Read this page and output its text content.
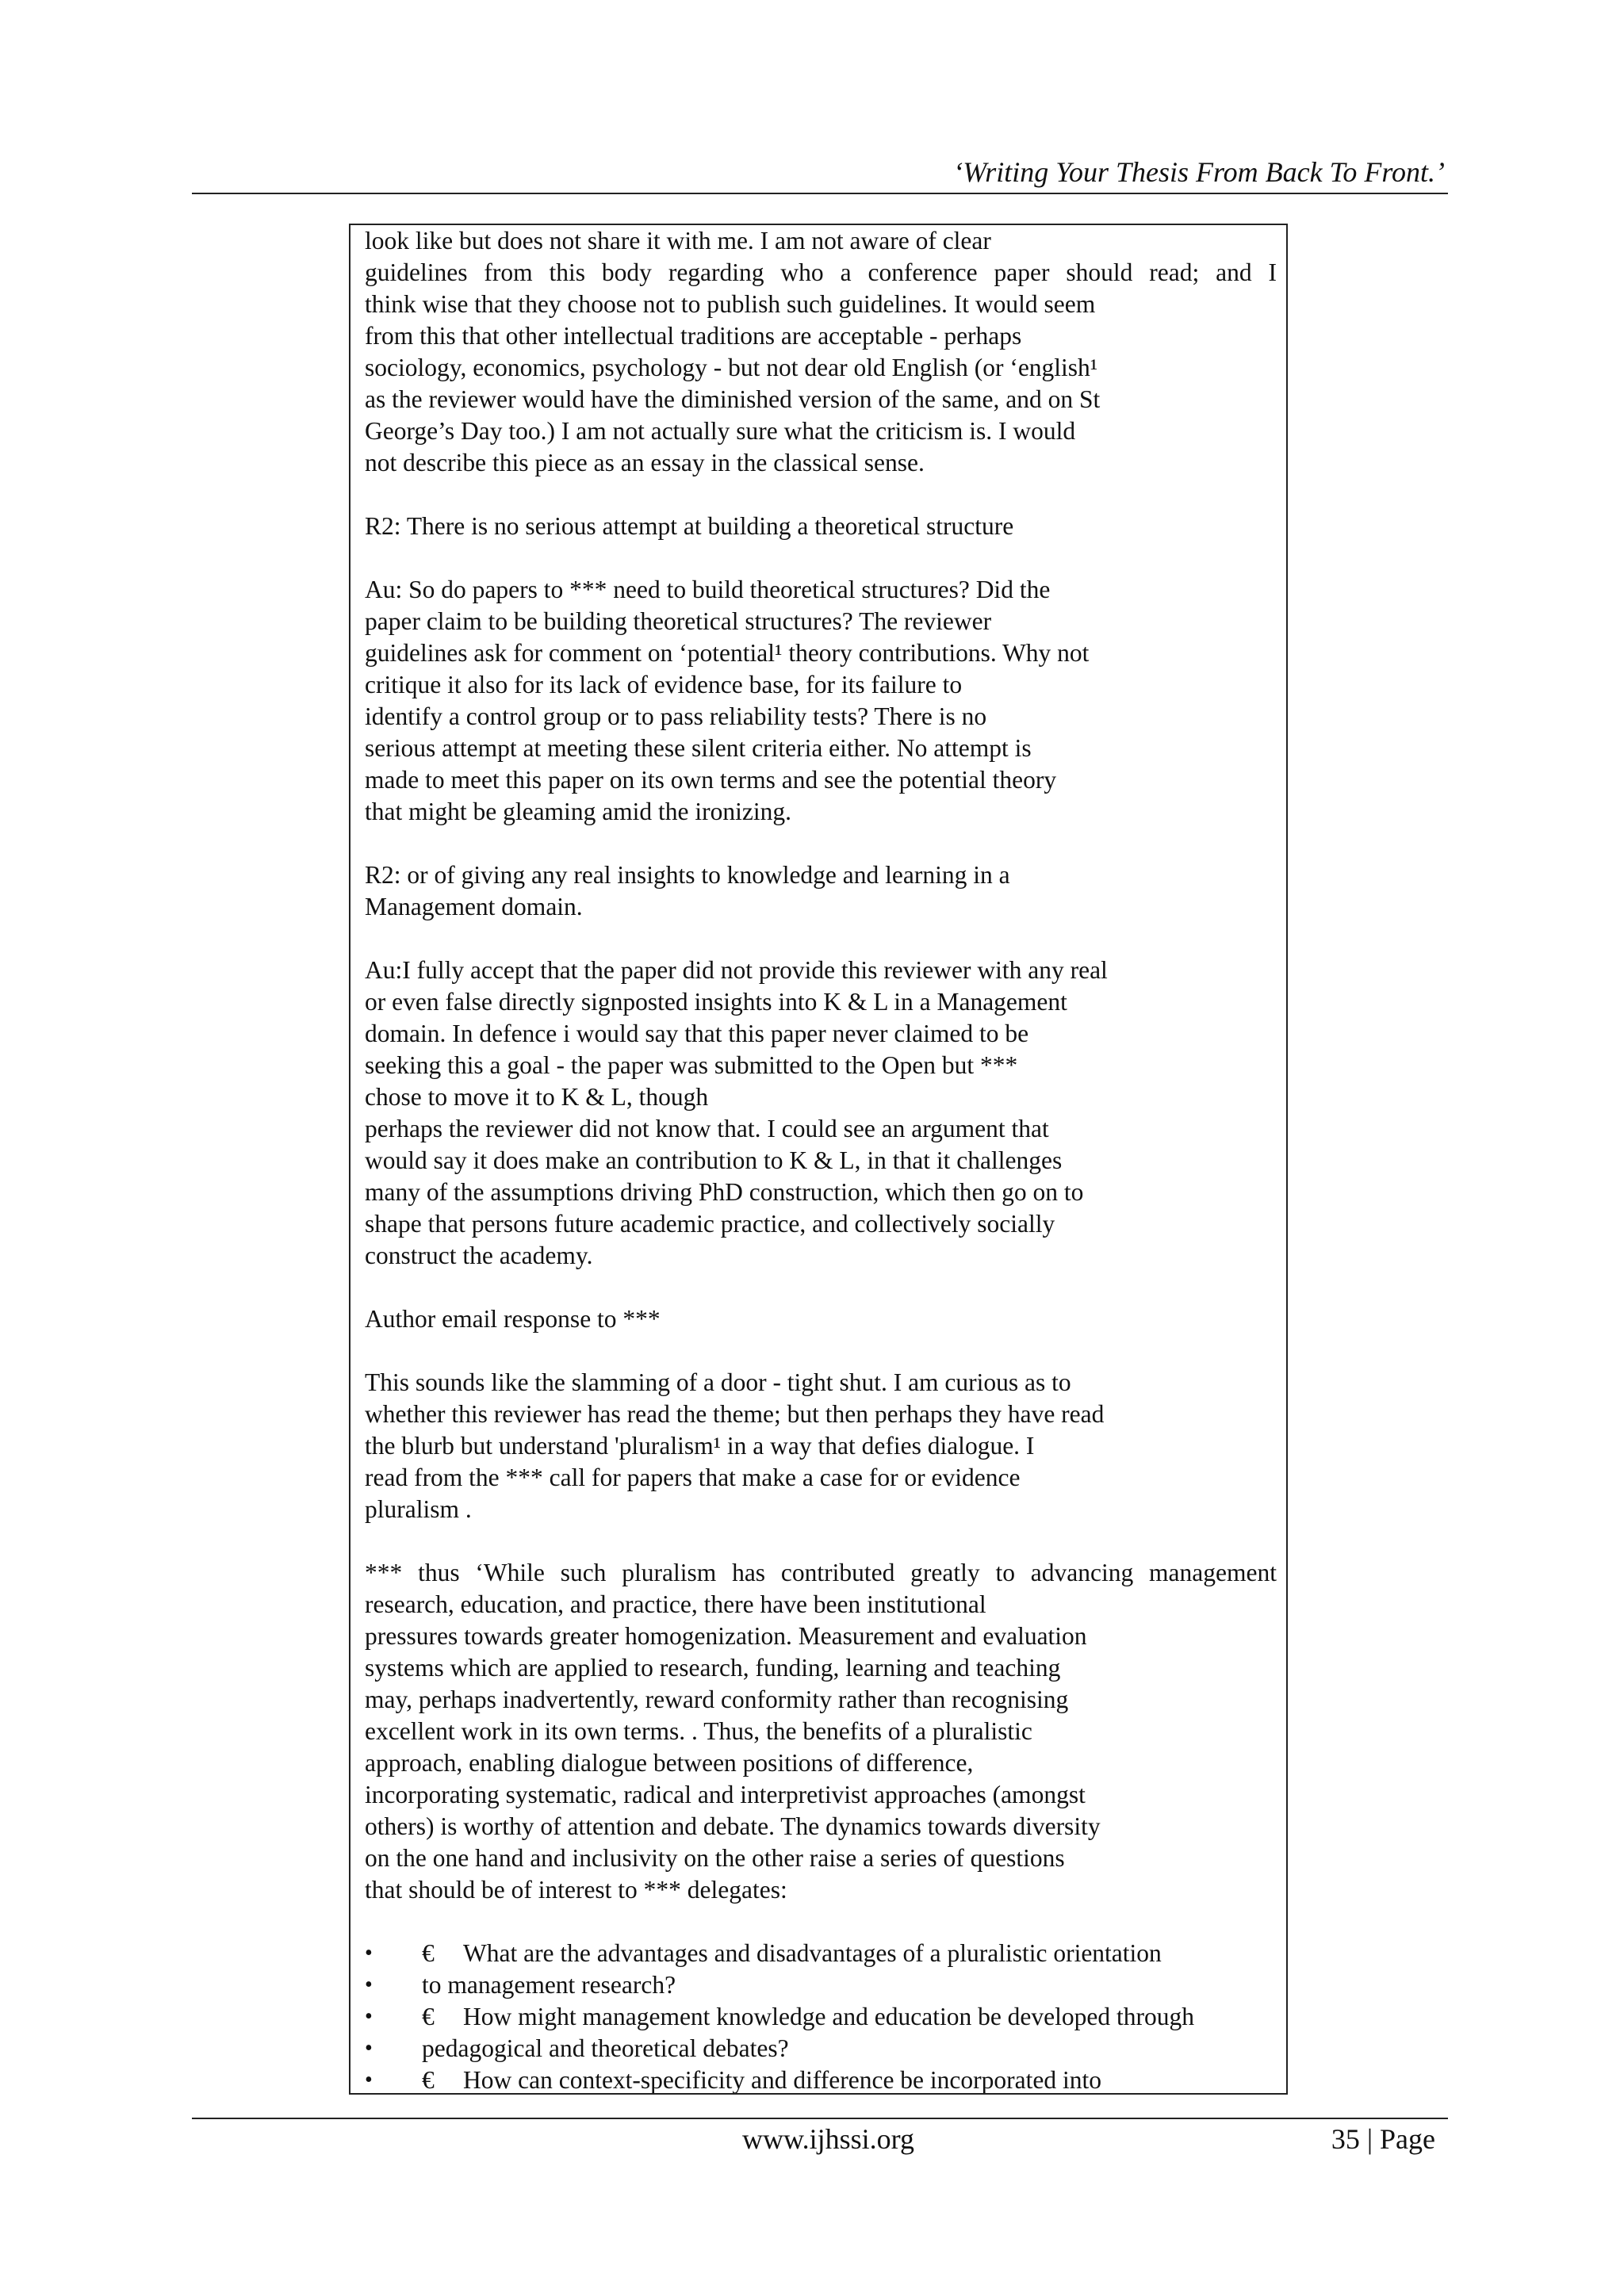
‘Writing Your Thesis From Back To Front.’
look like but does not share it with me. I am not aware of clear
guidelines from this body regarding who a conference paper should read; and I
think wise that they choose not to publish such guidelines. It would seem
from this that other intellectual traditions are acceptable - perhaps
sociology, economics, psychology - but not dear old English (or ‘english¹
as the reviewer would have the diminished version of the same, and on St
George’s Day too.) I am not actually sure what the criticism is. I would
not describe this piece as an essay in the classical sense.
R2: There is no serious attempt at building a theoretical structure
Au: So do papers to *** need to build theoretical structures? Did the
paper claim to be building theoretical structures? The reviewer
guidelines ask for comment on ‘potential¹ theory contributions. Why not
critique it also for its lack of evidence base, for its failure to
identify a control group or to pass reliability tests? There is no
serious attempt at meeting these silent criteria either. No attempt is
made to meet this paper on its own terms and see the potential theory
that might be gleaming amid the ironizing.
R2: or of giving any real insights to knowledge and learning in a
Management domain.
Au:I fully accept that the paper did not provide this reviewer with any real
or even false directly signposted insights into K & L in a Management
domain. In defence i would say that this paper never claimed to be
seeking this a goal - the paper was submitted to the Open but ***
chose to move it to K & L, though
perhaps the reviewer did not know that. I could see an argument that
would say it does make an contribution to K & L, in that it challenges
many of the assumptions driving PhD construction, which then go on to
shape that persons future academic practice, and collectively socially
construct the academy.
Author email response to ***
This sounds like the slamming of a door - tight shut. I am curious as to
whether this reviewer has read the theme; but then perhaps they have read
the blurb but understand 'pluralism¹ in a way that defies dialogue. I
read from the *** call for papers that make a case for or evidence
pluralism .
*** thus ‘While such pluralism has contributed greatly to advancing management
research, education, and practice, there have been institutional
pressures towards greater homogenization. Measurement and evaluation
systems which are applied to research, funding, learning and teaching
may, perhaps inadvertently, reward conformity rather than recognising
excellent work in its own terms. . Thus, the benefits of a pluralistic
approach, enabling dialogue between positions of difference,
incorporating systematic, radical and interpretivist approaches (amongst
others) is worthy of attention and debate. The dynamics towards diversity
on the one hand and inclusivity on the other raise a series of questions
that should be of interest to *** delegates:
• € What are the advantages and disadvantages of a pluralistic orientation
• to management research?
• € How might management knowledge and education be developed through
• pedagogical and theoretical debates?
• € How can context-specificity and difference be incorporated into
www.ijhssi.org	35 | Page
